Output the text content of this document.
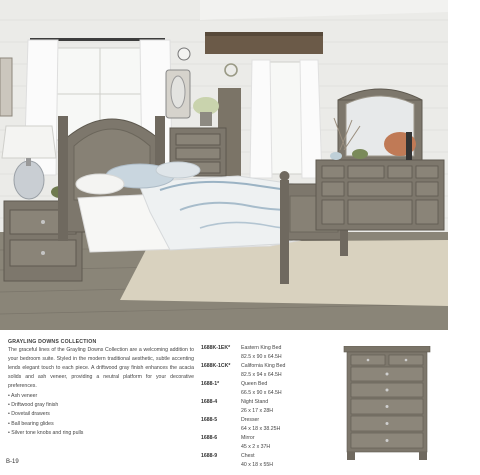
GRAYLING DOWNS COLLECTION

The graceful lines of the Grayling Downs Collection are a welcoming addition to your bedroom suite. Styled in the modern traditional aesthetic, subtle accenting lends elegant touch to each piece. A driftwood gray finish enhances the acacia solids and ash veneer, providing a neutral platform for your decorative preferences.

• Ash veneer
• Driftwood gray finish
• Dovetail drawers
• Ball bearing glides
• Silver tone knobs and ring pulls
1688K-1EK* Eastern King Bed
82.5 x 90 x 64.5H
1688K-1CK* California King Bed
82.5 x 94 x 64.5H
1688-1*	Queen Bed
66.5 x 90 x 64.5H
1688-4	Night Stand
26 x 17 x 28H
1688-5	Dresser
64 x 18 x 38.25H
1688-6	Mirror
45 x 2 x 37H
1688-9	Chest
40 x 18 x 55H
B-19
